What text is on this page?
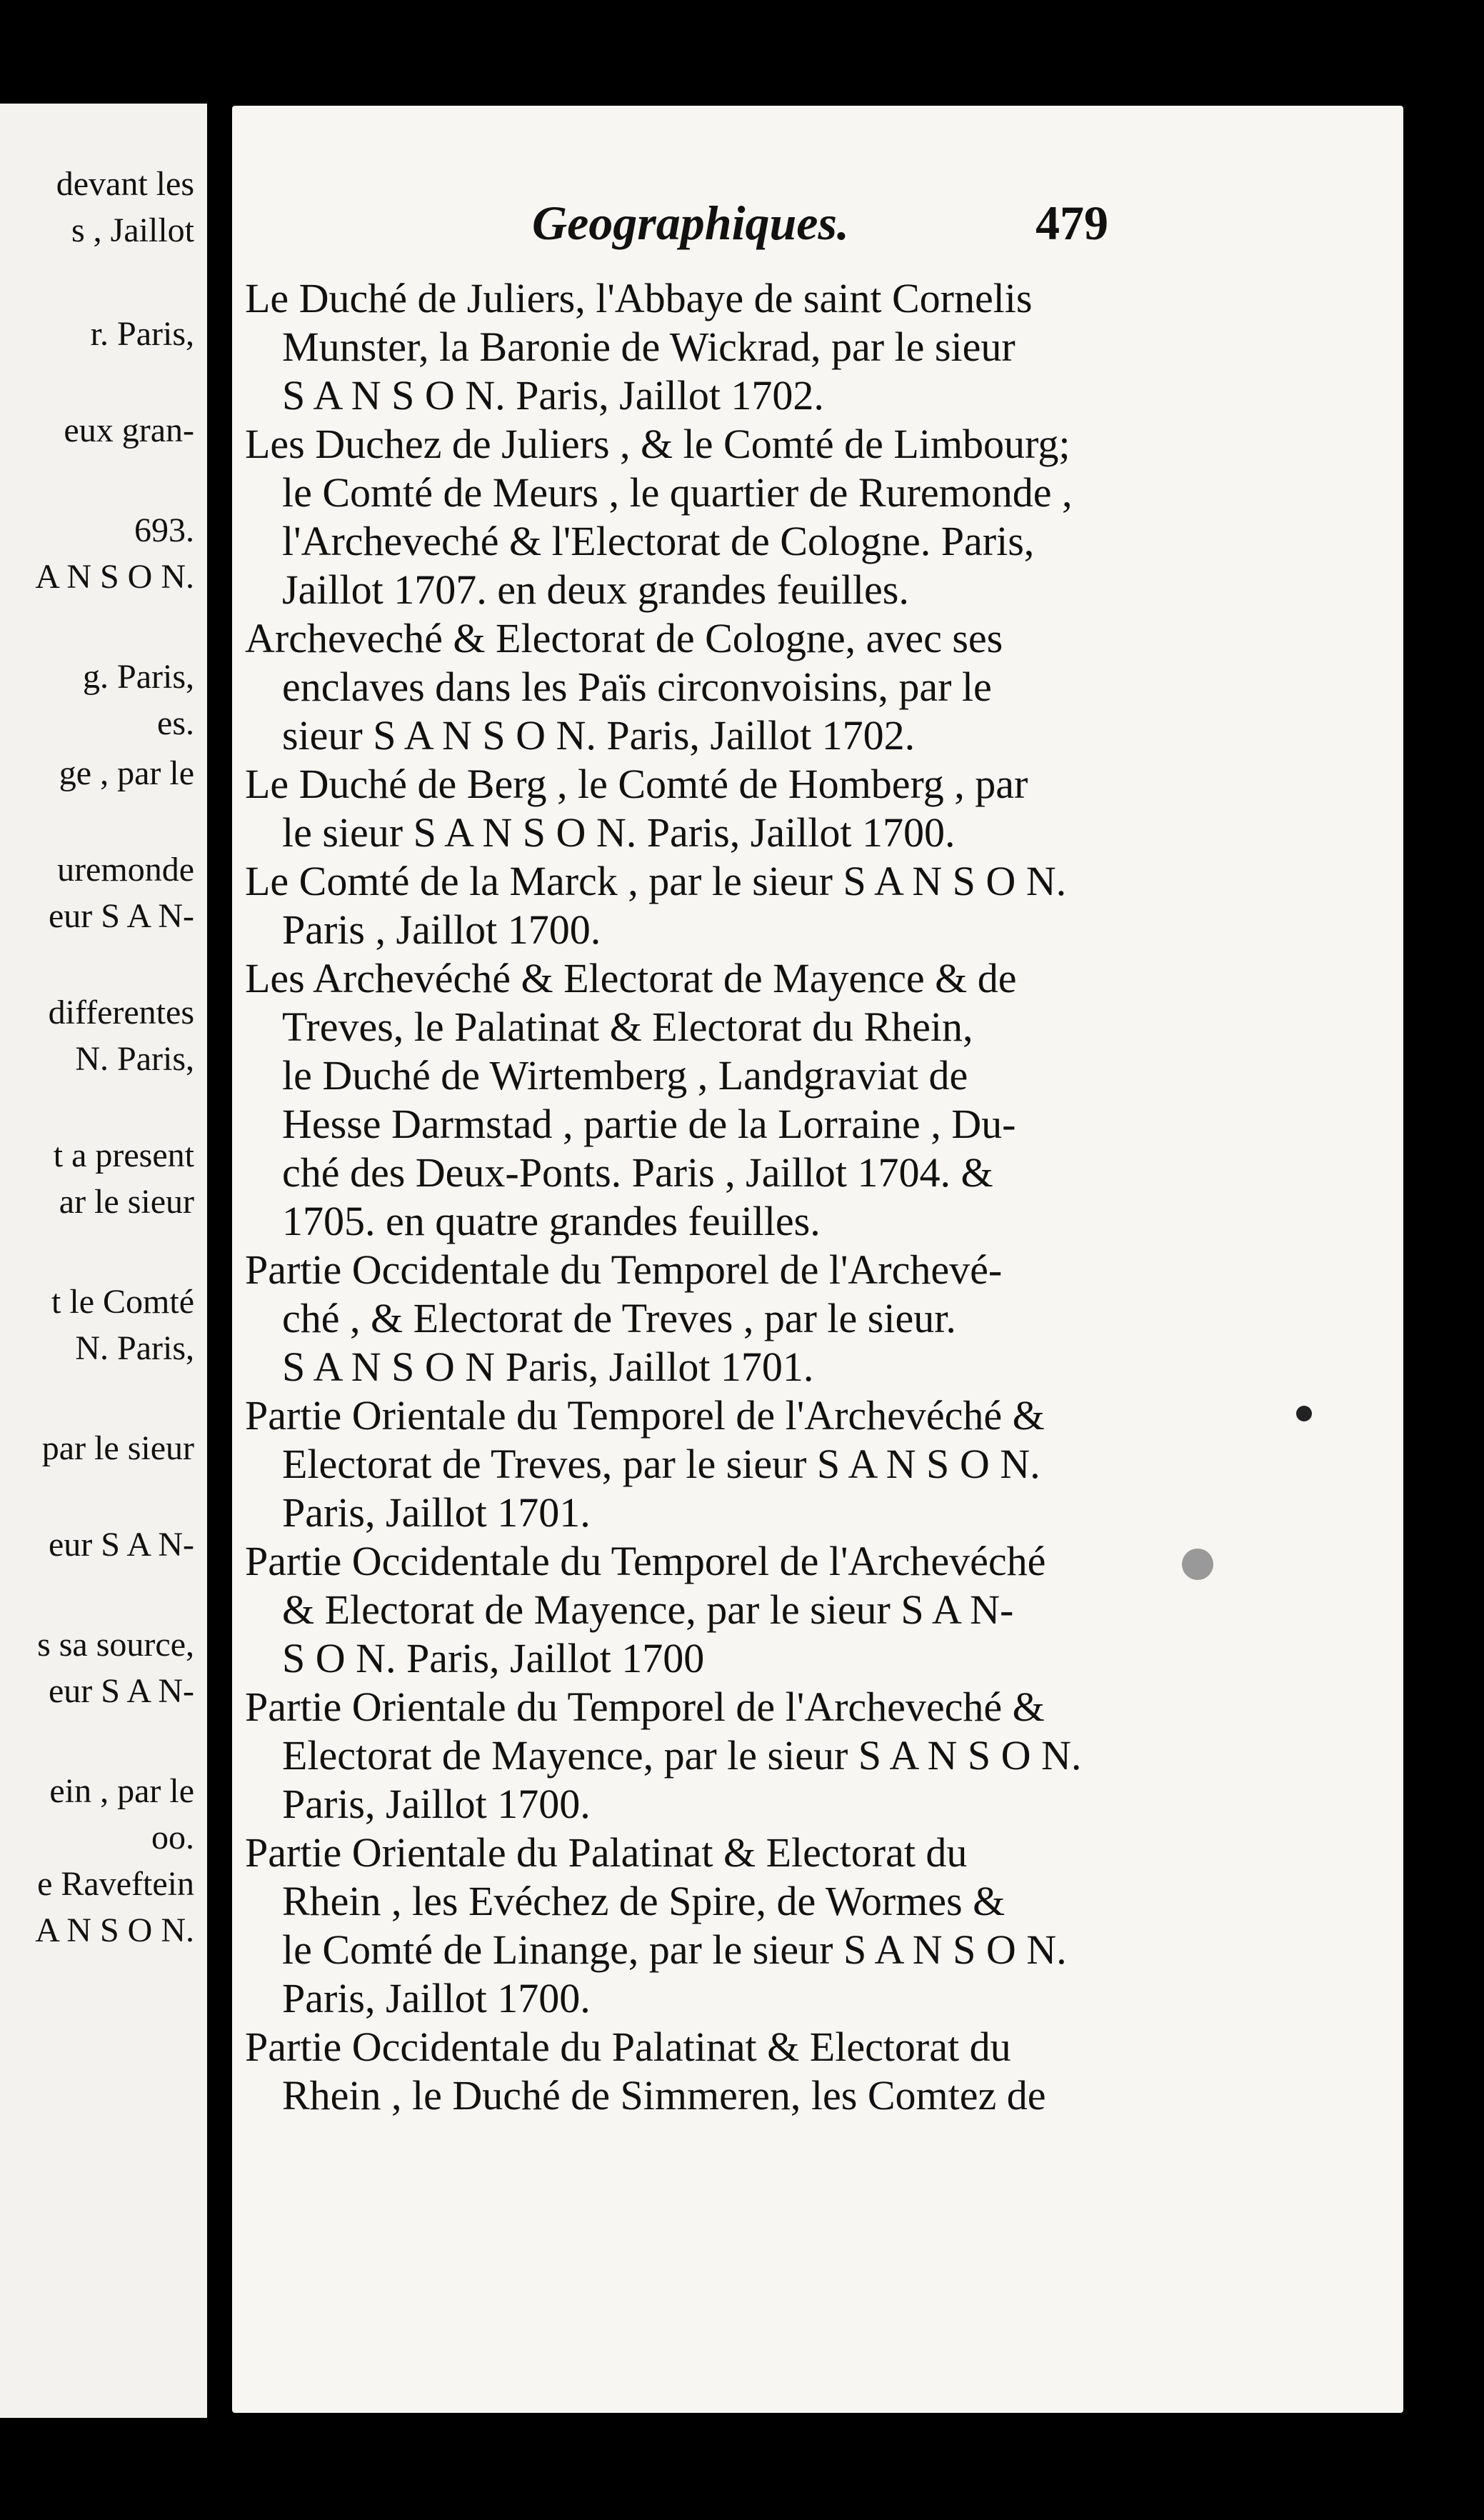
devant les
s , Jaillot
r. Paris,
eux gran-
693.
A N S O N.
g. Paris,
es.
ge , par le
uremonde
eur S A N-
differentes
N. Paris,
t a present
ar le sieur
t le Comté
N. Paris,
par le sieur
eur S A N-
s sa source,
eur S A N-
ein , par le
oo.
e Raveftein
A N S O N.
Geographiques.	479
Le Duché de Juliers, l'Abbaye de saint Cornelis
Munster, la Baronie de Wickrad, par le sieur
S A N S O N. Paris, Jaillot 1702.
Les Duchez de Juliers , & le Comté de Limbourg;
le Comté de Meurs , le quartier de Ruremonde ,
l'Archeveché & l'Electorat de Cologne. Paris,
Jaillot 1707. en deux grandes feuilles.
Archeveché & Electorat de Cologne, avec ses
enclaves dans les Païs circonvoisins, par le
sieur S A N S O N. Paris, Jaillot 1702.
Le Duché de Berg , le Comté de Homberg , par
le sieur S A N S O N. Paris, Jaillot 1700.
Le Comté de la Marck , par le sieur S A N S O N.
Paris , Jaillot 1700.
Les Archevéché & Electorat de Mayence & de
Treves, le Palatinat & Electorat du Rhein,
le Duché de Wirtemberg , Landgraviat de
Hesse Darmstad , partie de la Lorraine , Du-
ché des Deux-Ponts. Paris , Jaillot 1704. &
1705. en quatre grandes feuilles.
Partie Occidentale du Temporel de l'Archevé-
ché , & Electorat de Treves , par le sieur.
S A N S O N Paris, Jaillot 1701.
Partie Orientale du Temporel de l'Archevéché &
Electorat de Treves, par le sieur S A N S O N.
Paris, Jaillot 1701.
Partie Occidentale du Temporel de l'Archevéché
& Electorat de Mayence, par le sieur S A N-
S O N. Paris, Jaillot 1700
Partie Orientale du Temporel de l'Archeveché &
Electorat de Mayence, par le sieur S A N S O N.
Paris, Jaillot 1700.
Partie Orientale du Palatinat & Electorat du
Rhein , les Evéchez de Spire, de Wormes &
le Comté de Linange, par le sieur S A N S O N.
Paris, Jaillot 1700.
Partie Occidentale du Palatinat & Electorat du
Rhein , le Duché de Simmeren, les Comtez de
